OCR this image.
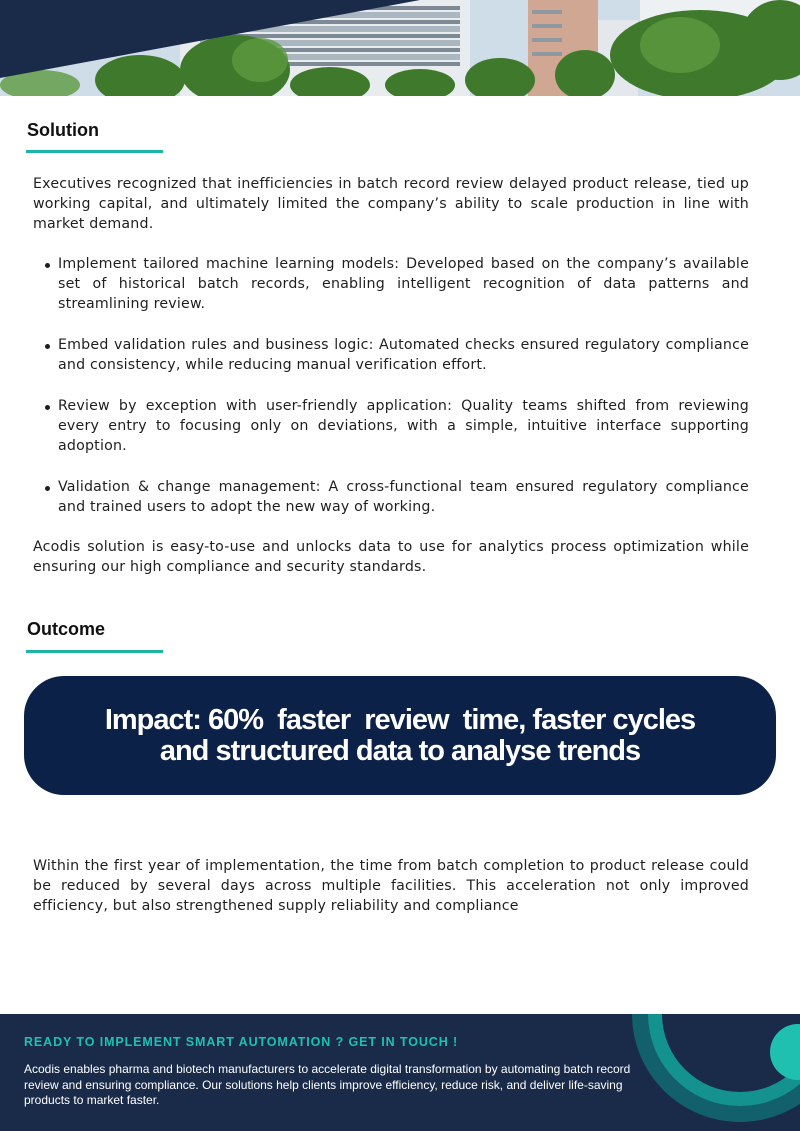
Solution

Executives recognized that inefficiencies in batch record review delayed product release, tied up working capital, and ultimately limited the company’s ability to scale production in line with market demand.

Implement tailored machine learning models: Developed based on the company’s available set of historical batch records, enabling intelligent recognition of data patterns and streamlining review.
Embed validation rules and business logic: Automated checks ensured regulatory compliance and consistency, while reducing manual verification effort.
Review by exception with user-friendly application: Quality teams shifted from reviewing every entry to focusing only on deviations, with a simple, intuitive interface supporting adoption.
Validation & change management: A cross-functional team ensured regulatory compliance and trained users to adopt the new way of working.

Acodis solution is easy-to-use and unlocks data to use for analytics process optimization while ensuring our high compliance and security standards.

Outcome

Impact: 60%  faster  review  time, faster cycles
and structured data to analyse trends

Within the first year of implementation, the time from batch completion to product release could be reduced by several days across multiple facilities. This acceleration not only improved efficiency, but also strengthened supply reliability and compliance

READY TO IMPLEMENT SMART AUTOMATION ? GET IN TOUCH !

Acodis enables pharma and biotech manufacturers to accelerate digital transformation by automating batch record review and ensuring compliance. Our solutions help clients improve efficiency, reduce risk, and deliver life-saving products to market faster.
